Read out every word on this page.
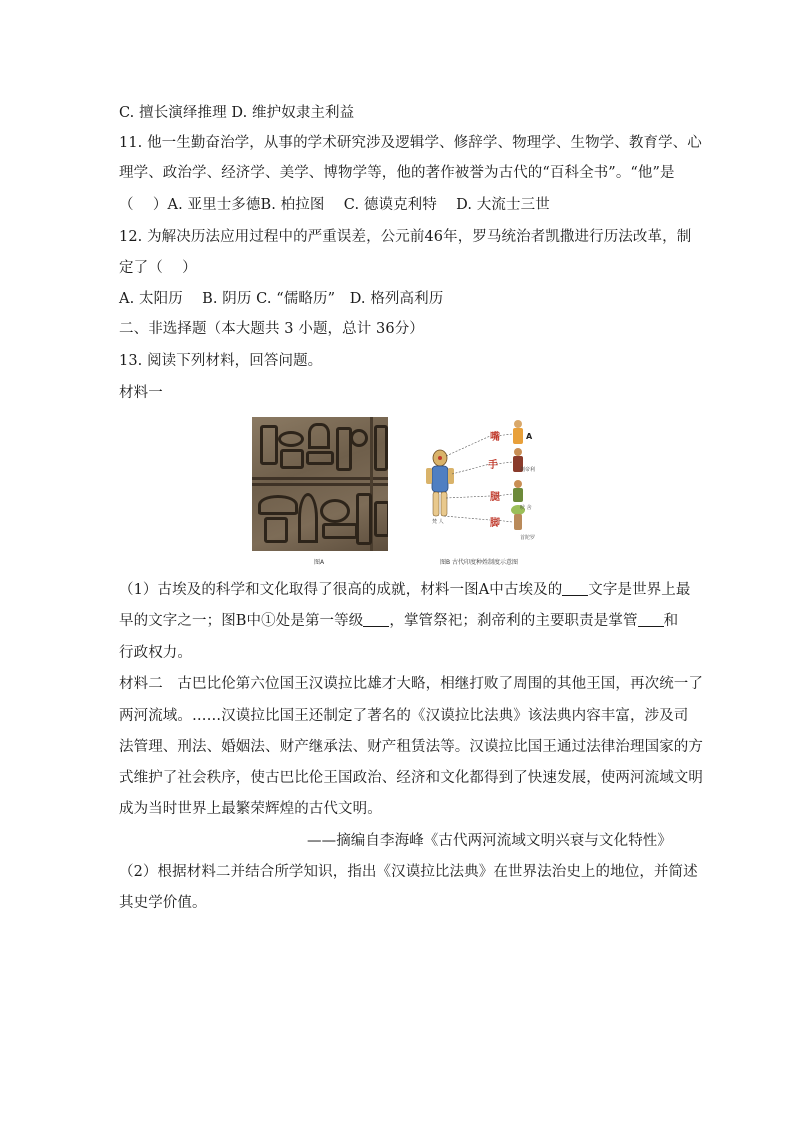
C. 擅长演绎推理 D. 维护奴隶主利益
11. 他一生勤奋治学，从事的学术研究涉及逻辑学、修辞学、物理学、生物学、教育学、心
理学、政治学、经济学、美学、博物学等，他的著作被誉为古代的“百科全书”。“他”是
（　 ）A. 亚里士多德B. 柏拉图　 C. 德谟克利特　 D. 大流士三世
12. 为解决历法应用过程中的严重误差，公元前46年，罗马统治者凯撒进行历法改革，制
定了（　 ）
A. 太阳历　 B. 阴历 C. “儒略历”　D. 格列高利历
二、非选择题（本大题共 3 小题，总计 36分）
13. 阅读下列材料，回答问题。
材料一
图A
嘴
手
腿
脚
A
刹帝利
吠 舍
首陀罗
梵 人
图B 古代印度种姓制度示意图
（1）古埃及的科学和文化取得了很高的成就，材料一图A中古埃及的 文字是世界上最
早的文字之一；图B中①处是第一等级 ，掌管祭祀；刹帝利的主要职责是掌管 和
行政权力。
材料二　古巴比伦第六位国王汉谟拉比雄才大略，相继打败了周围的其他王国，再次统一了
两河流域。……汉谟拉比国王还制定了著名的《汉谟拉比法典》该法典内容丰富，涉及司
法管理、刑法、婚姻法、财产继承法、财产租赁法等。汉谟拉比国王通过法律治理国家的方
式维护了社会秩序，使古巴比伦王国政治、经济和文化都得到了快速发展，使两河流域文明
成为当时世界上最繁荣辉煌的古代文明。
——摘编自李海峰《古代两河流域文明兴衰与文化特性》
（2）根据材料二并结合所学知识，指出《汉谟拉比法典》在世界法治史上的地位，并简述
其史学价值。
